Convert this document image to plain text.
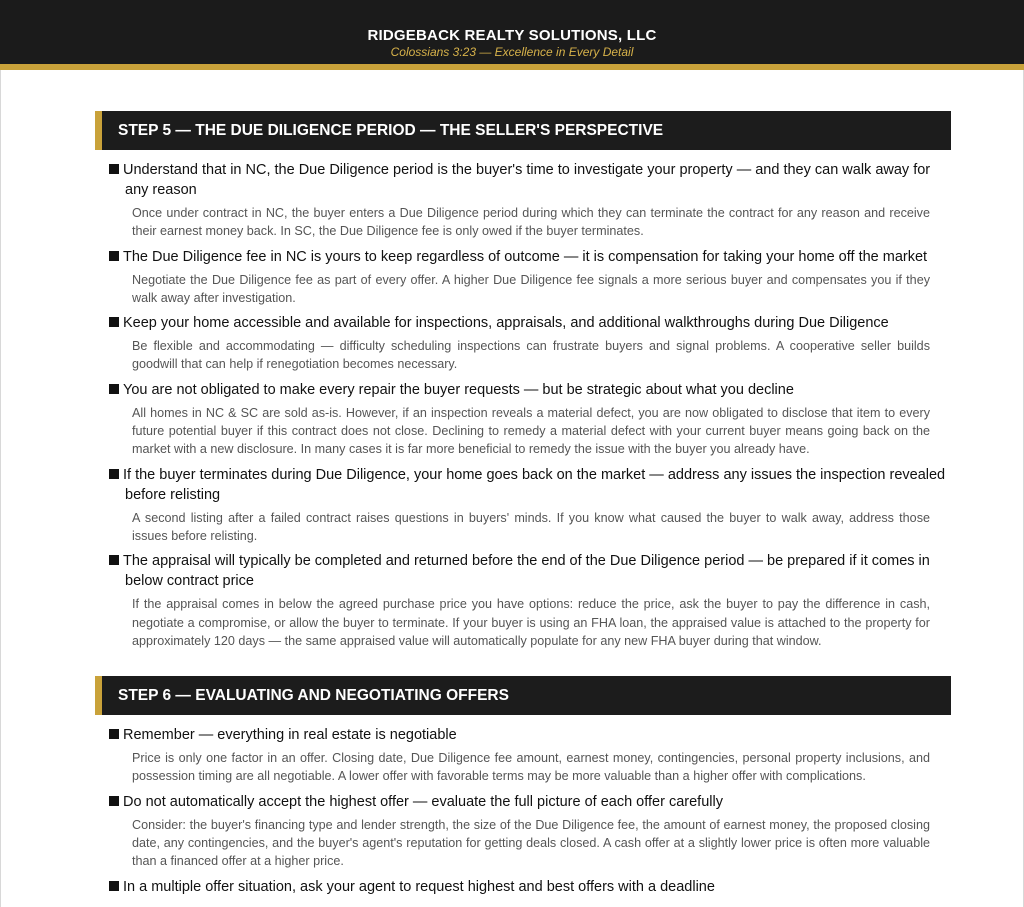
RIDGEBACK REALTY SOLUTIONS, LLC
Colossians 3:23 — Excellence in Every Detail
STEP 5 — THE DUE DILIGENCE PERIOD — THE SELLER'S PERSPECTIVE
Understand that in NC, the Due Diligence period is the buyer's time to investigate your property — and they can walk away for any reason
Once under contract in NC, the buyer enters a Due Diligence period during which they can terminate the contract for any reason and receive their earnest money back. In SC, the Due Diligence fee is only owed if the buyer terminates.
The Due Diligence fee in NC is yours to keep regardless of outcome — it is compensation for taking your home off the market
Negotiate the Due Diligence fee as part of every offer. A higher Due Diligence fee signals a more serious buyer and compensates you if they walk away after investigation.
Keep your home accessible and available for inspections, appraisals, and additional walkthroughs during Due Diligence
Be flexible and accommodating — difficulty scheduling inspections can frustrate buyers and signal problems. A cooperative seller builds goodwill that can help if renegotiation becomes necessary.
You are not obligated to make every repair the buyer requests — but be strategic about what you decline
All homes in NC & SC are sold as-is. However, if an inspection reveals a material defect, you are now obligated to disclose that item to every future potential buyer if this contract does not close. Declining to remedy a material defect with your current buyer means going back on the market with a new disclosure. In many cases it is far more beneficial to remedy the issue with the buyer you already have.
If the buyer terminates during Due Diligence, your home goes back on the market — address any issues the inspection revealed before relisting
A second listing after a failed contract raises questions in buyers' minds. If you know what caused the buyer to walk away, address those issues before relisting.
The appraisal will typically be completed and returned before the end of the Due Diligence period — be prepared if it comes in below contract price
If the appraisal comes in below the agreed purchase price you have options: reduce the price, ask the buyer to pay the difference in cash, negotiate a compromise, or allow the buyer to terminate. If your buyer is using an FHA loan, the appraised value is attached to the property for approximately 120 days — the same appraised value will automatically populate for any new FHA buyer during that window.
STEP 6 — EVALUATING AND NEGOTIATING OFFERS
Remember — everything in real estate is negotiable
Price is only one factor in an offer. Closing date, Due Diligence fee amount, earnest money, contingencies, personal property inclusions, and possession timing are all negotiable. A lower offer with favorable terms may be more valuable than a higher offer with complications.
Do not automatically accept the highest offer — evaluate the full picture of each offer carefully
Consider: the buyer's financing type and lender strength, the size of the Due Diligence fee, the amount of earnest money, the proposed closing date, any contingencies, and the buyer's agent's reputation for getting deals closed. A cash offer at a slightly lower price is often more valuable than a financed offer at a higher price.
In a multiple offer situation, ask your agent to request highest and best offers with a deadline
